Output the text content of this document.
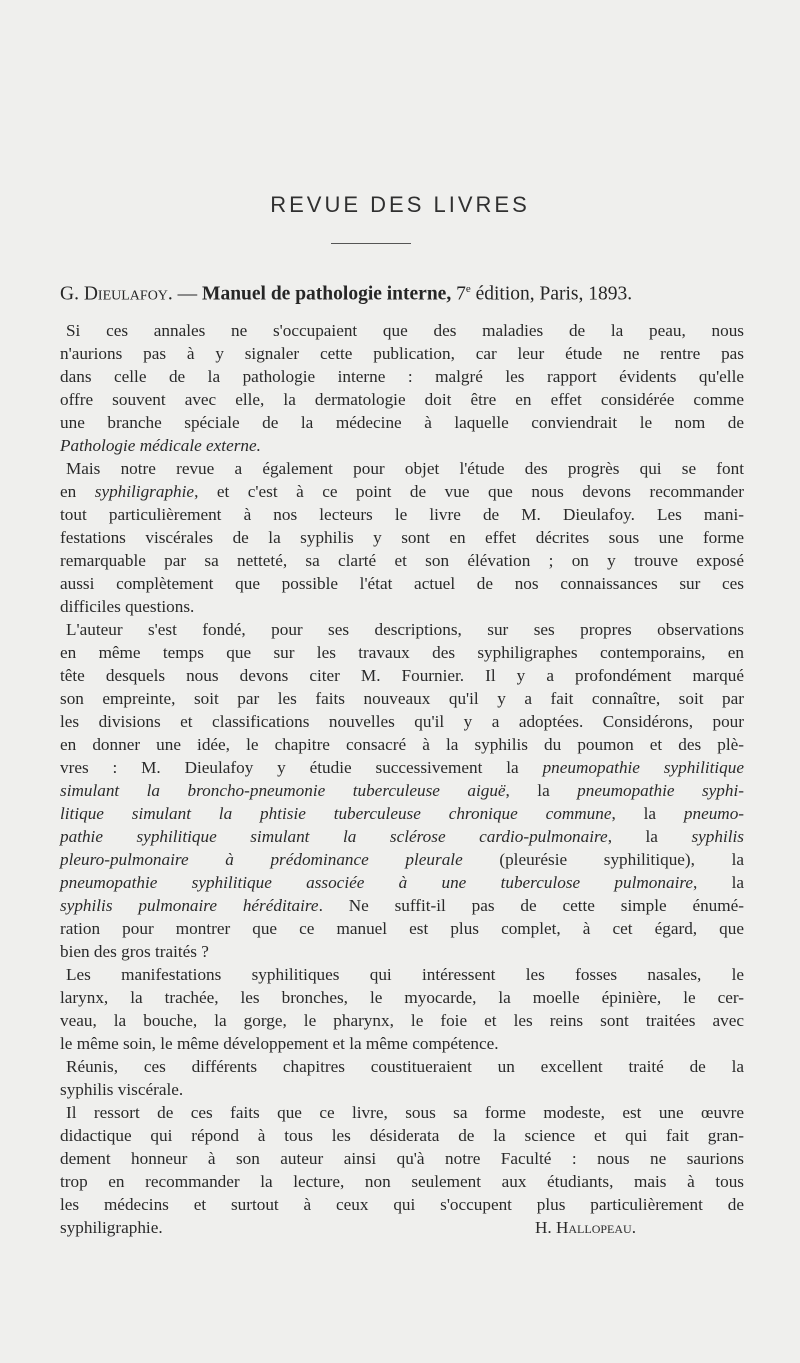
REVUE DES LIVRES
G. Dieulafoy. — Manuel de pathologie interne, 7e édition, Paris, 1893.
Si ces annales ne s'occupaient que des maladies de la peau, nous
n'aurions pas à y signaler cette publication, car leur étude ne rentre pas
dans celle de la pathologie interne : malgré les rapport évidents qu'elle
offre souvent avec elle, la dermatologie doit être en effet considérée comme
une branche spéciale de la médecine à laquelle conviendrait le nom de
Pathologie médicale externe.
Mais notre revue a également pour objet l'étude des progrès qui se font
en syphiligraphie, et c'est à ce point de vue que nous devons recommander
tout particulièrement à nos lecteurs le livre de M. Dieulafoy. Les mani-
festations viscérales de la syphilis y sont en effet décrites sous une forme
remarquable par sa netteté, sa clarté et son élévation ; on y trouve exposé
aussi complètement que possible l'état actuel de nos connaissances sur ces
difficiles questions.
L'auteur s'est fondé, pour ses descriptions, sur ses propres observations
en même temps que sur les travaux des syphiligraphes contemporains, en
tête desquels nous devons citer M. Fournier. Il y a profondément marqué
son empreinte, soit par les faits nouveaux qu'il y a fait connaître, soit par
les divisions et classifications nouvelles qu'il y a adoptées. Considérons, pour
en donner une idée, le chapitre consacré à la syphilis du poumon et des plè-
vres : M. Dieulafoy y étudie successivement la pneumopathie syphilitique
simulant la broncho-pneumonie tuberculeuse aiguë, la pneumopathie syphi-
litique simulant la phtisie tuberculeuse chronique commune, la pneumo-
pathie syphilitique simulant la sclérose cardio-pulmonaire, la syphilis
pleuro-pulmonaire à prédominance pleurale (pleurésie syphilitique), la
pneumopathie syphilitique associée à une tuberculose pulmonaire, la
syphilis pulmonaire héréditaire. Ne suffit-il pas de cette simple énumé-
ration pour montrer que ce manuel est plus complet, à cet égard, que
bien des gros traités ?
Les manifestations syphilitiques qui intéressent les fosses nasales, le
larynx, la trachée, les bronches, le myocarde, la moelle épinière, le cer-
veau, la bouche, la gorge, le pharynx, le foie et les reins sont traitées avec
le même soin, le même développement et la même compétence.
Réunis, ces différents chapitres coustitueraient un excellent traité de la
syphilis viscérale.
Il ressort de ces faits que ce livre, sous sa forme modeste, est une œuvre
didactique qui répond à tous les désiderata de la science et qui fait gran-
dement honneur à son auteur ainsi qu'à notre Faculté : nous ne saurions
trop en recommander la lecture, non seulement aux étudiants, mais à tous
les médecins et surtout à ceux qui s'occupent plus particulièrement de
syphiligraphie.	H. Hallopeau.
